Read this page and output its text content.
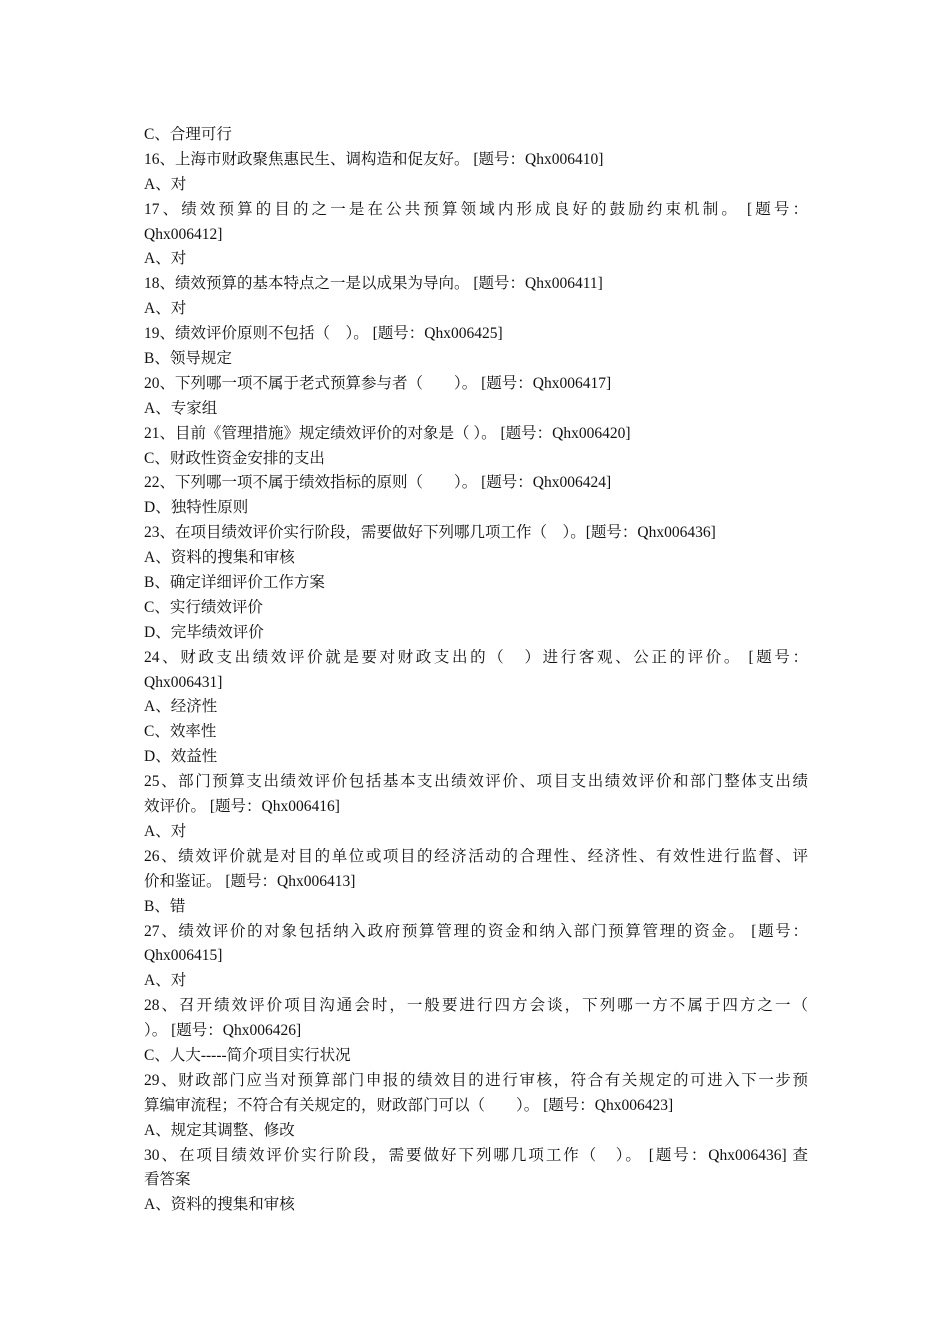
C、合理可行
16、上海市财政聚焦惠民生、调构造和促友好。 [题号：Qhx006410]
A、对
17、绩效预算的目的之一是在公共预算领域内形成良好的鼓励约束机制。 [题号：
Qhx006412]
A、对
18、绩效预算的基本特点之一是以成果为导向。 [题号：Qhx006411]
A、对
19、绩效评价原则不包括（　）。 [题号：Qhx006425]
B、领导规定
20、下列哪一项不属于老式预算参与者（　　）。 [题号：Qhx006417]
A、专家组
21、目前《管理措施》规定绩效评价的对象是（ ）。 [题号：Qhx006420]
C、财政性资金安排的支出
22、下列哪一项不属于绩效指标的原则（　　）。 [题号：Qhx006424]
D、独特性原则
23、在项目绩效评价实行阶段，需要做好下列哪几项工作（　）。[题号：Qhx006436]
A、资料的搜集和审核
B、确定详细评价工作方案
C、实行绩效评价
D、完毕绩效评价
24、财政支出绩效评价就是要对财政支出的（　）进行客观、公正的评价。 [题号：
Qhx006431]
A、经济性
C、效率性
D、效益性
25、部门预算支出绩效评价包括基本支出绩效评价、项目支出绩效评价和部门整体支出绩
效评价。 [题号：Qhx006416]
A、对
26、绩效评价就是对目的单位或项目的经济活动的合理性、经济性、有效性进行监督、评
价和鉴证。 [题号：Qhx006413]
B、错
27、绩效评价的对象包括纳入政府预算管理的资金和纳入部门预算管理的资金。 [题号：
Qhx006415]
A、对
28、召开绩效评价项目沟通会时，一般要进行四方会谈，下列哪一方不属于四方之一（
）。 [题号：Qhx006426]
C、人大-----简介项目实行状况
29、财政部门应当对预算部门申报的绩效目的进行审核，符合有关规定的可进入下一步预
算编审流程；不符合有关规定的，财政部门可以（　　）。 [题号：Qhx006423]
A、规定其调整、修改
30、在项目绩效评价实行阶段，需要做好下列哪几项工作（　）。 [题号：Qhx006436] 查
看答案
A、资料的搜集和审核
